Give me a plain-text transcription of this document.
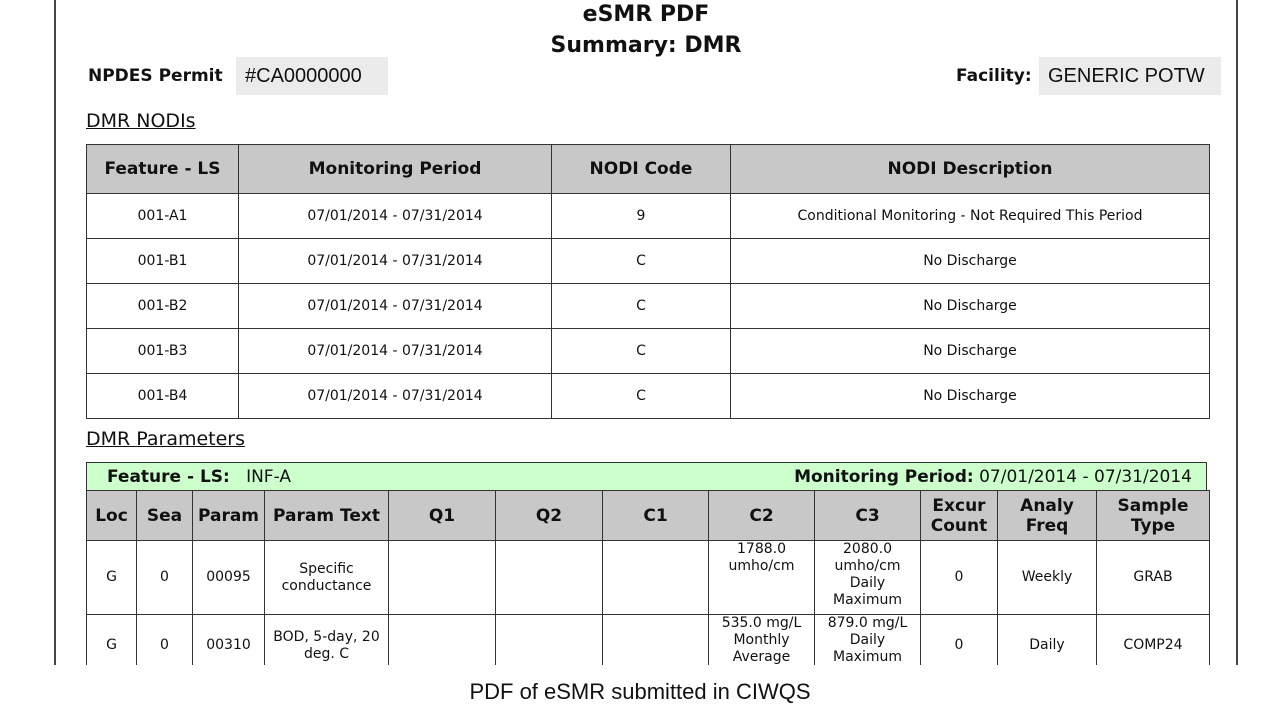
eSMR PDF
Summary: DMR
NPDES Permit	#CA0000000	Facility: GENERIC POTW
DMR NODIs
Feature - LS	Monitoring Period	NODI Code	NODI Description
001-A1	07/01/2014 - 07/31/2014	9	Conditional Monitoring - Not Required This Period
001-B1	07/01/2014 - 07/31/2014	C	No Discharge
001-B2	07/01/2014 - 07/31/2014	C	No Discharge
001-B3	07/01/2014 - 07/31/2014	C	No Discharge
001-B4	07/01/2014 - 07/31/2014	C	No Discharge
DMR Parameters
Feature - LS: INF-A	Monitoring Period: 07/01/2014 - 07/31/2014
Loc	Sea	Param	Param Text	Q1	Q2	C1	C2	C3	Excur Count	Analy Freq	Sample Type
G	0	00095	Specific conductance				1788.0 umho/cm	2080.0 umho/cm Daily Maximum	0	Weekly	GRAB
G	0	00310	BOD, 5-day, 20 deg. C				535.0 mg/L Monthly Average	879.0 mg/L Daily Maximum	0	Daily	COMP24
PDF of eSMR submitted in CIWQS
